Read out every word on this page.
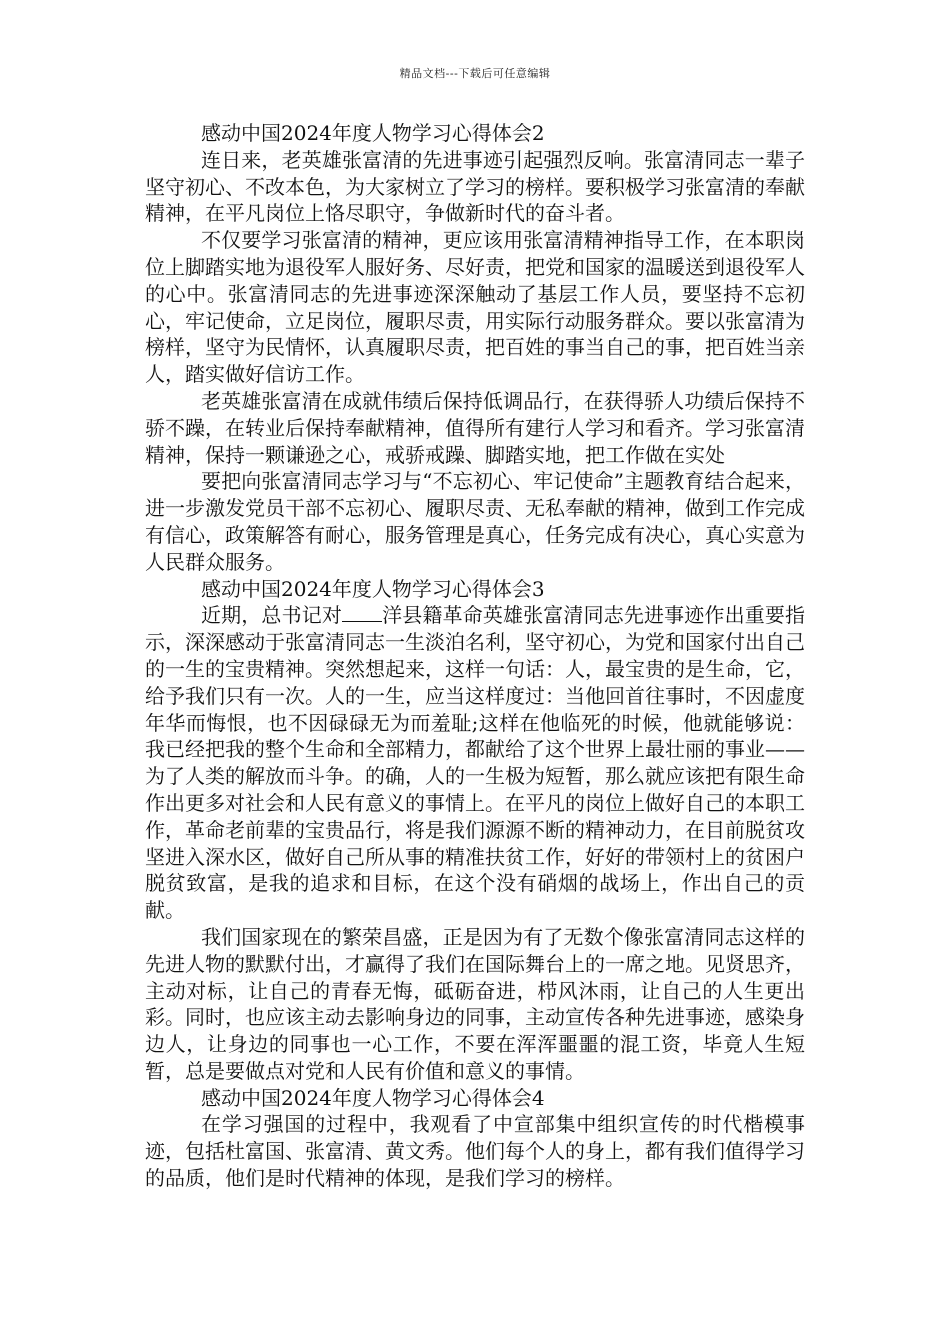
精品文档---下载后可任意编辑
感动中国2024年度人物学习心得体会2

连日来，老英雄张富清的先进事迹引起强烈反响。张富清同志一辈子坚守初心、不改本色，为大家树立了学习的榜样。要积极学习张富清的奉献精神，在平凡岗位上恪尽职守，争做新时代的奋斗者。

不仅要学习张富清的精神，更应该用张富清精神指导工作，在本职岗位上脚踏实地为退役军人服好务、尽好责，把党和国家的温暖送到退役军人的心中。张富清同志的先进事迹深深触动了基层工作人员，要坚持不忘初心，牢记使命，立足岗位，履职尽责，用实际行动服务群众。要以张富清为榜样，坚守为民情怀，认真履职尽责，把百姓的事当自己的事，把百姓当亲人，踏实做好信访工作。

老英雄张富清在成就伟绩后保持低调品行，在获得骄人功绩后保持不骄不躁，在转业后保持奉献精神，值得所有建行人学习和看齐。学习张富清精神，保持一颗谦逊之心，戒骄戒躁、脚踏实地，把工作做在实处

要把向张富清同志学习与“不忘初心、牢记使命”主题教育结合起来，进一步激发党员干部不忘初心、履职尽责、无私奉献的精神，做到工作完成有信心，政策解答有耐心，服务管理是真心，任务完成有决心，真心实意为人民群众服务。

感动中国2024年度人物学习心得体会3

近期，总书记对 洋县籍革命英雄张富清同志先进事迹作出重要指示，深深感动于张富清同志一生淡泊名利，坚守初心，为党和国家付出自己的一生的宝贵精神。突然想起来，这样一句话：人，最宝贵的是生命，它，给予我们只有一次。人的一生，应当这样度过：当他回首往事时，不因虚度年华而悔恨，也不因碌碌无为而羞耻;这样在他临死的时候，他就能够说：我已经把我的整个生命和全部精力，都献给了这个世界上最壮丽的事业——为了人类的解放而斗争。的确，人的一生极为短暂，那么就应该把有限生命作出更多对社会和人民有意义的事情上。在平凡的岗位上做好自己的本职工作，革命老前辈的宝贵品行，将是我们源源不断的精神动力，在目前脱贫攻坚进入深水区，做好自己所从事的精准扶贫工作，好好的带领村上的贫困户脱贫致富，是我的追求和目标，在这个没有硝烟的战场上，作出自己的贡献。

我们国家现在的繁荣昌盛，正是因为有了无数个像张富清同志这样的先进人物的默默付出，才赢得了我们在国际舞台上的一席之地。见贤思齐，主动对标，让自己的青春无悔，砥砺奋进，栉风沐雨，让自己的人生更出彩。同时，也应该主动去影响身边的同事，主动宣传各种先进事迹，感染身边人，让身边的同事也一心工作，不要在浑浑噩噩的混工资，毕竟人生短暂，总是要做点对党和人民有价值和意义的事情。

感动中国2024年度人物学习心得体会4

在学习强国的过程中，我观看了中宣部集中组织宣传的时代楷模事迹，包括杜富国、张富清、黄文秀。他们每个人的身上，都有我们值得学习的品质，他们是时代精神的体现，是我们学习的榜样。
